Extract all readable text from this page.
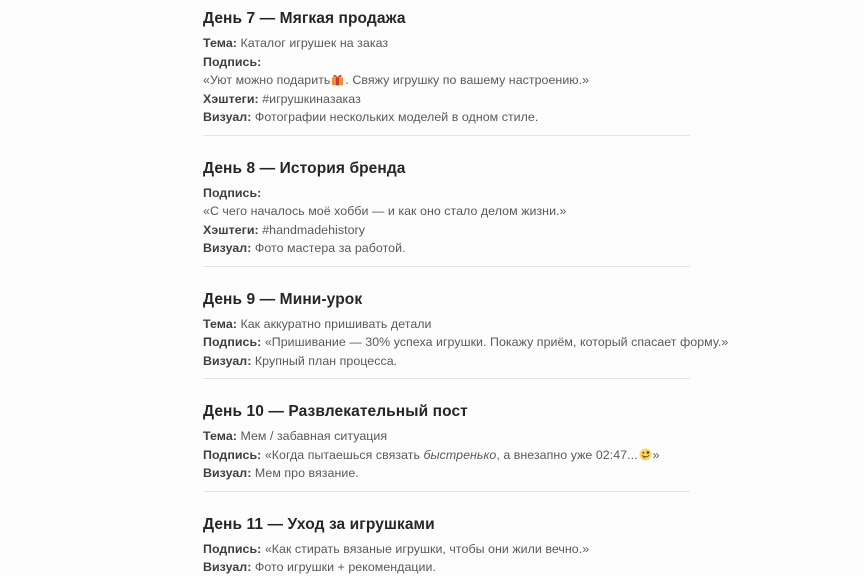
День 7 — Мягкая продажа
Тема: Каталог игрушек на заказ
Подпись:
«Уют можно подарить . Свяжу игрушку по вашему настроению.»
Хэштеги: #игрушкиназаказ
Визуал: Фотографии нескольких моделей в одном стиле.
День 8 — История бренда
Подпись:
«С чего началось моё хобби — и как оно стало делом жизни.»
Хэштеги: #handmadehistory
Визуал: Фото мастера за работой.
День 9 — Мини-урок
Тема: Как аккуратно пришивать детали
Подпись: «Пришивание — 30% успеха игрушки. Покажу приём, который спасает форму.»
Визуал: Крупный план процесса.
День 10 — Развлекательный пост
Тема: Мем / забавная ситуация
Подпись: «Когда пытаешься связать быстренько, а внезапно уже 02:47... »
Визуал: Мем про вязание.
День 11 — Уход за игрушками
Подпись: «Как стирать вязаные игрушки, чтобы они жили вечно.»
Визуал: Фото игрушки + рекомендации.
